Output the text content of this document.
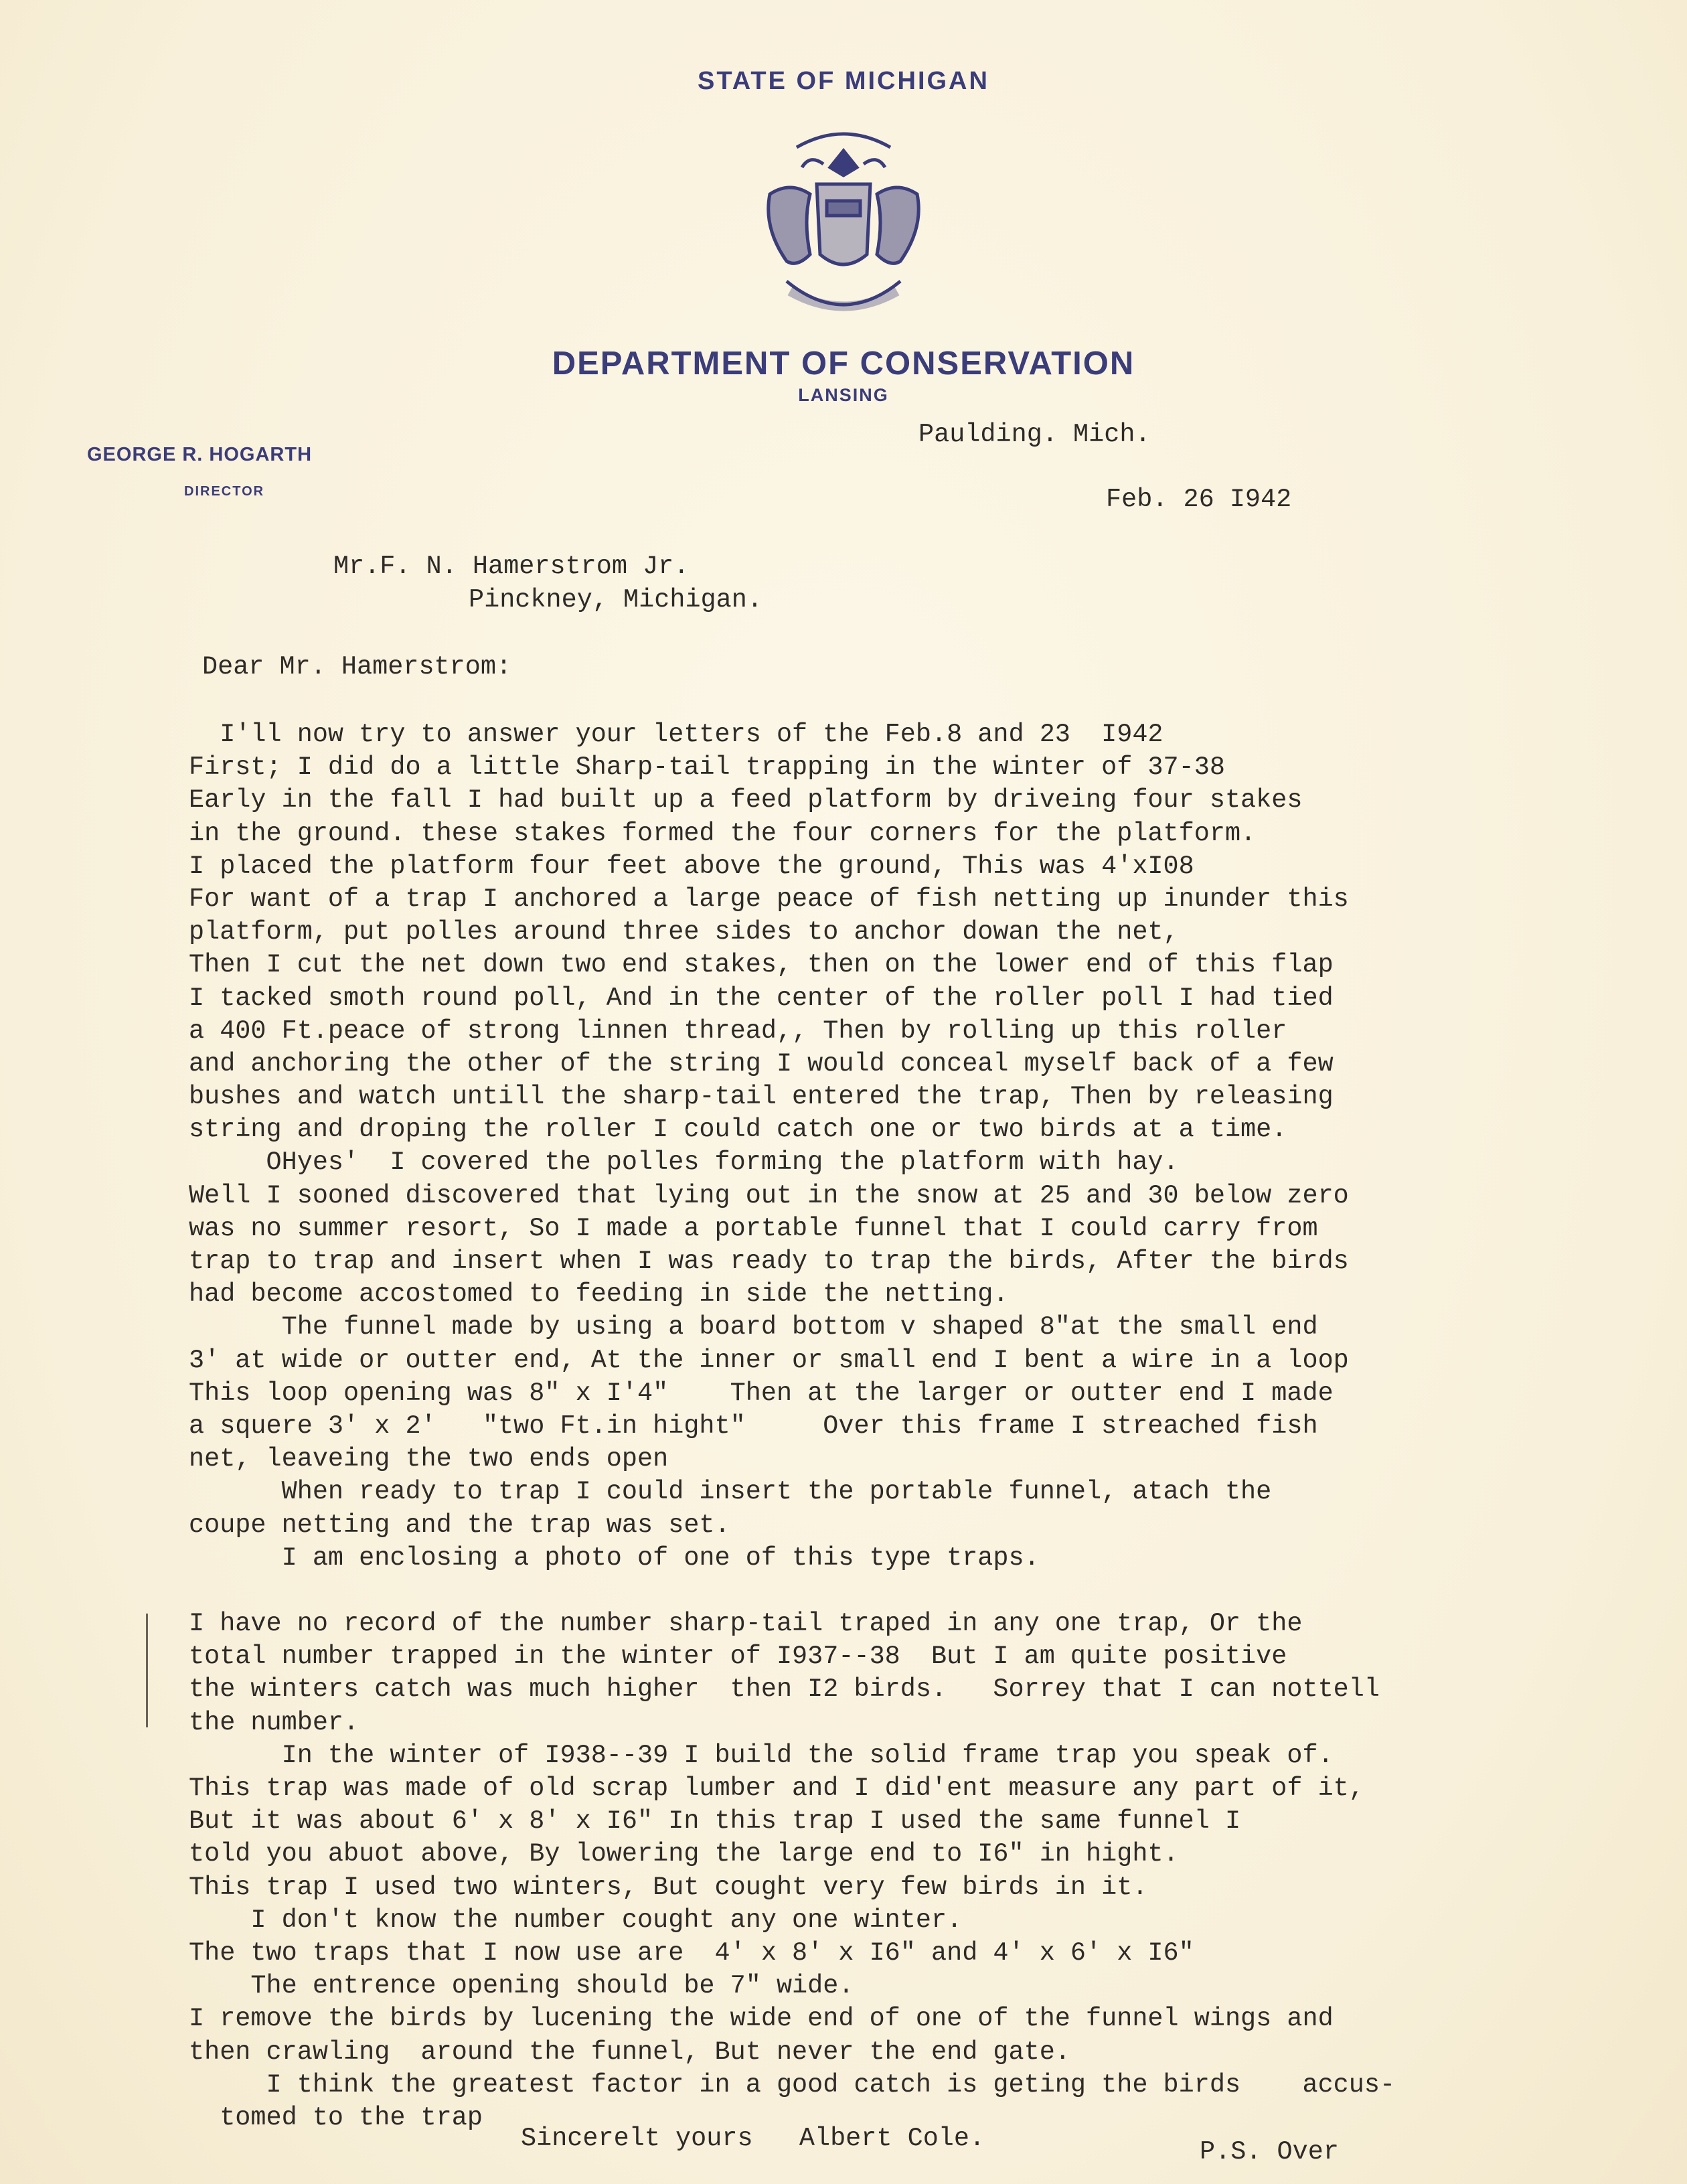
STATE OF MICHIGAN
DEPARTMENT OF CONSERVATION
LANSING
GEORGE R. HOGARTH
DIRECTOR
Paulding. Mich.
Feb. 26 I942
Mr.F. N. Hamerstrom Jr.
Pinckney, Michigan.
Dear Mr. Hamerstrom:
I'll now try to answer your letters of the Feb.8 and 23  I942
First; I did do a little Sharp-tail trapping in the winter of 37-38
Early in the fall I had built up a feed platform by driveing four stakes
in the ground. these stakes formed the four corners for the platform.
I placed the platform four feet above the ground, This was 4'xI08
For want of a trap I anchored a large peace of fish netting up inunder this
platform, put polles around three sides to anchor dowan the net,
Then I cut the net down two end stakes, then on the lower end of this flap
I tacked smoth round poll, And in the center of the roller poll I had tied
a 400 Ft.peace of strong linnen thread,, Then by rolling up this roller
and anchoring the other of the string I would conceal myself back of a few
bushes and watch untill the sharp-tail entered the trap, Then by releasing
string and droping the roller I could catch one or two birds at a time.
OHyes'  I covered the polles forming the platform with hay.
Well I sooned discovered that lying out in the snow at 25 and 30 below zero
was no summer resort, So I made a portable funnel that I could carry from
trap to trap and insert when I was ready to trap the birds, After the birds
had become accostomed to feeding in side the netting.
The funnel made by using a board bottom v shaped 8"at the small end
3' at wide or outter end, At the inner or small end I bent a wire in a loop
This loop opening was 8" x I'4"    Then at the larger or outter end I made
a squere 3' x 2'   "two Ft.in hight"     Over this frame I streached fish
net, leaveing the two ends open
When ready to trap I could insert the portable funnel, atach the
coupe netting and the trap was set.
I am enclosing a photo of one of this type traps.
I have no record of the number sharp-tail traped in any one trap, Or the
total number trapped in the winter of I937--38  But I am quite positive
the winters catch was much higher  then I2 birds.   Sorrey that I can nottell
the number.
In the winter of I938--39 I build the solid frame trap you speak of.
This trap was made of old scrap lumber and I did'ent measure any part of it,
But it was about 6' x 8' x I6" In this trap I used the same funnel I
told you abuot above, By lowering the large end to I6" in hight.
This trap I used two winters, But cought very few birds in it.
I don't know the number cought any one winter.
The two traps that I now use are  4' x 8' x I6" and 4' x 6' x I6"
The entrence opening should be 7" wide.
I remove the birds by lucening the wide end of one of the funnel wings and
then crawling  around the funnel, But never the end gate.
I think the greatest factor in a good catch is geting the birds    accus-
tomed to the trap
Sincerelt yours   Albert Cole.	P.S. Over
